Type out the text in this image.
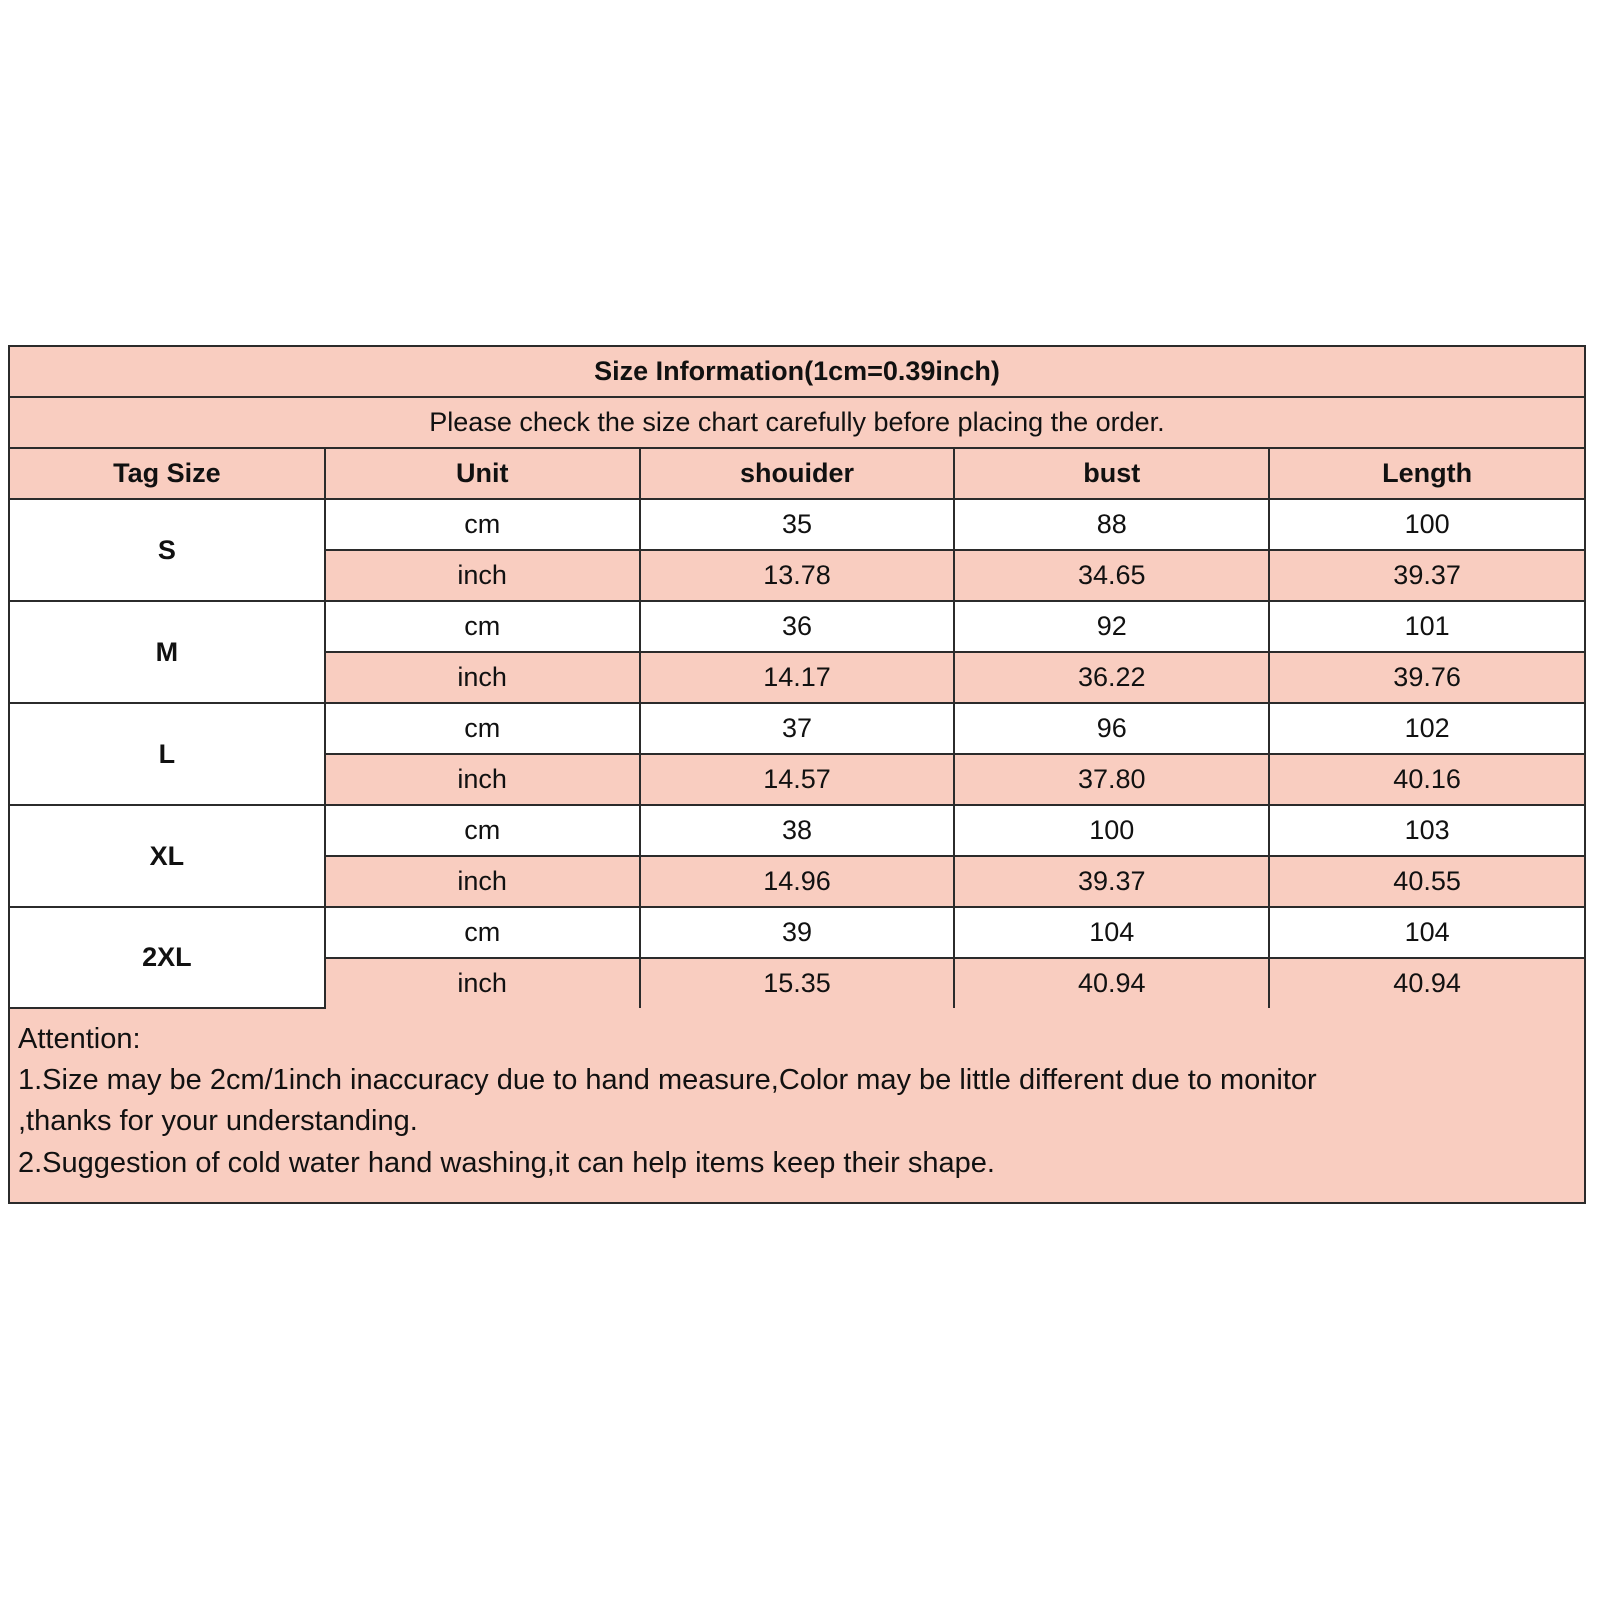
Size Information(1cm=0.39inch)				
Please check the size chart carefully before placing the order.				
Tag Size	Unit	shouider	bust	Length
S	cm	35	88	100
	inch	13.78	34.65	39.37
M	cm	36	92	101
	inch	14.17	36.22	39.76
L	cm	37	96	102
	inch	14.57	37.80	40.16
XL	cm	38	100	103
	inch	14.96	39.37	40.55
2XL	cm	39	104	104
	inch	15.35	40.94	40.94
Attention:
1.Size may be 2cm/1inch inaccuracy due to hand measure,Color may be little different due to monitor
,thanks for your understanding.
2.Suggestion of cold water hand washing,it can help items keep their shape.
